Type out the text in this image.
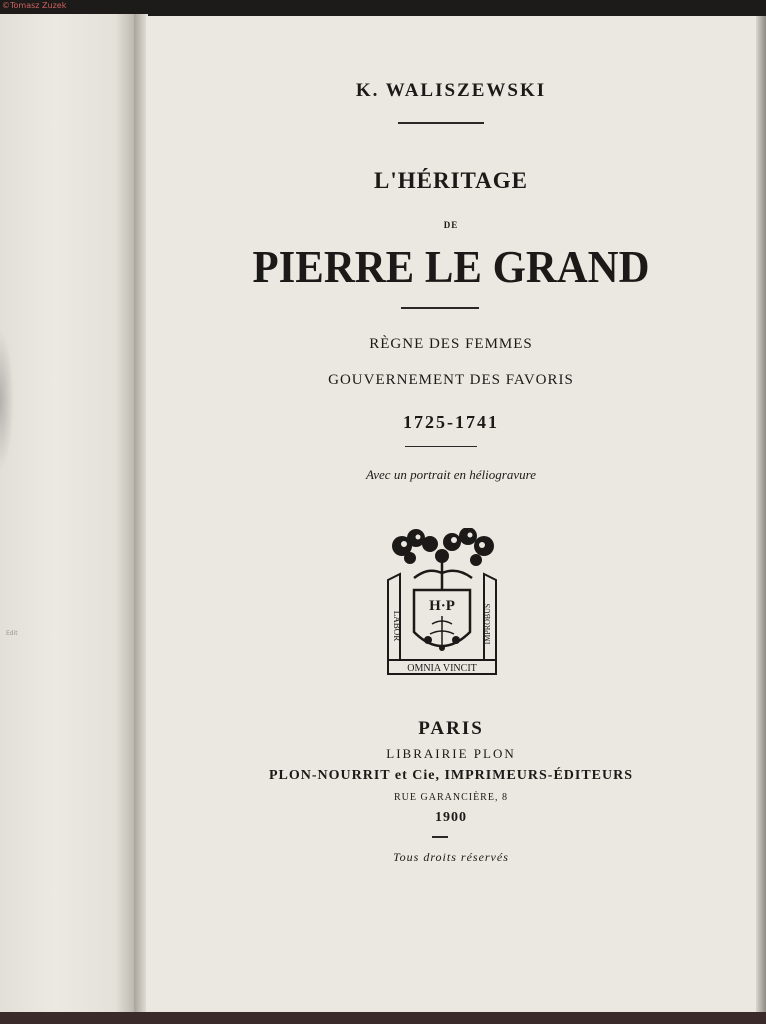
©Tomasz Zuzek
Edit
K. WALISZEWSKI
L'HÉRITAGE
DE
PIERRE LE GRAND
RÈGNE DES FEMMES
GOUVERNEMENT DES FAVORIS
1725-1741
Avec un portrait en héliogravure
H·P
LABOR	IMPROBUS
OMNIA VINCIT
PARIS
LIBRAIRIE PLON
PLON-NOURRIT et Cie, IMPRIMEURS-ÉDITEURS
RUE GARANCIÈRE, 8
1900
Tous droits réservés
